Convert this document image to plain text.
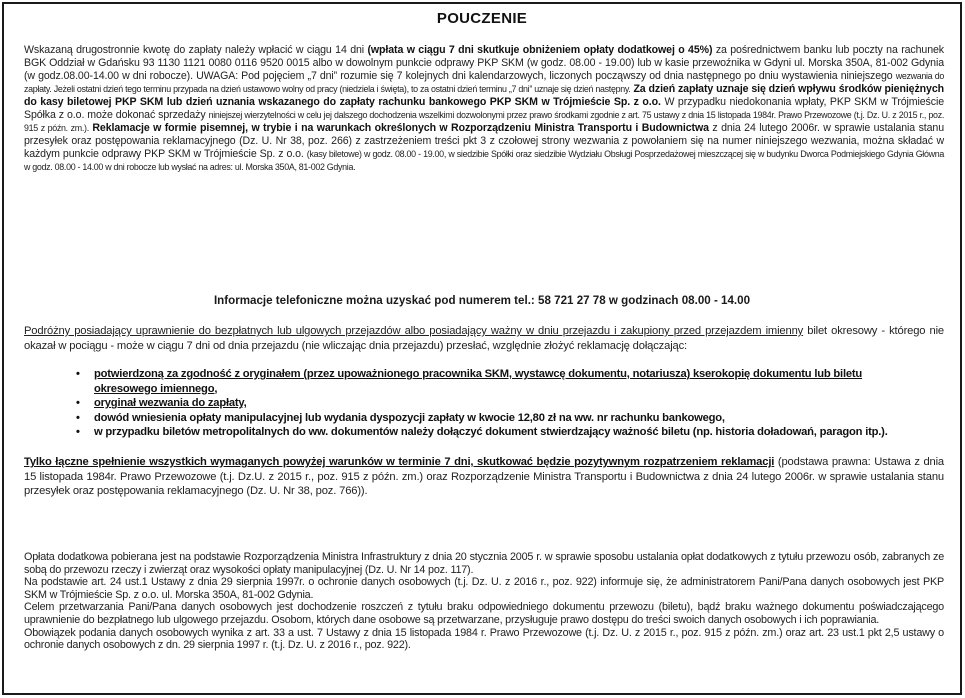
POUCZENIE
Wskazaną drugostronnie kwotę do zapłaty należy wpłacić w ciągu 14 dni (wpłata w ciągu 7 dni skutkuje obniżeniem opłaty dodatkowej o 45%) za pośrednictwem banku lub poczty na rachunek BGK Oddział w Gdańsku 93 1130 1121 0080 0116 9520 0015 albo w dowolnym punkcie odprawy PKP SKM (w godz. 08.00 - 19.00) lub w kasie przewoźnika w Gdyni ul. Morska 350A, 81-002 Gdynia (w godz.08.00-14.00 w dni robocze). UWAGA: Pod pojęciem „7 dni” rozumie się 7 kolejnych dni kalendarzowych, liczonych począwszy od dnia następnego po dniu wystawienia niniejszego wezwania do zapłaty. Jeżeli ostatni dzień tego terminu przypada na dzień ustawowo wolny od pracy (niedziela i święta), to za ostatni dzień terminu „7 dni” uznaje się dzień następny. Za dzień zapłaty uznaje się dzień wpływu środków pieniężnych do kasy biletowej PKP SKM lub dzień uznania wskazanego do zapłaty rachunku bankowego PKP SKM w Trójmieście Sp. z o.o. W przypadku niedokonania wpłaty, PKP SKM w Trójmieście Spółka z o.o. może dokonać sprzedaży niniejszej wierzytelności w celu jej dalszego dochodzenia wszelkimi dozwolonymi przez prawo środkami zgodnie z art. 75 ustawy z dnia 15 listopada 1984r. Prawo Przewozowe (t.j. Dz. U. z 2015 r., poz. 915 z późn. zm.). Reklamacje w formie pisemnej, w trybie i na warunkach określonych w Rozporządzeniu Ministra Transportu i Budownictwa z dnia 24 lutego 2006r. w sprawie ustalania stanu przesyłek oraz postępowania reklamacyjnego (Dz. U. Nr 38, poz. 266) z zastrzeżeniem treści pkt 3 z czołowej strony wezwania z powołaniem się na numer niniejszego wezwania, można składać w każdym punkcie odprawy PKP SKM w Trójmieście Sp. z o.o. (kasy biletowe) w godz. 08.00 - 19.00, w siedzibie Spółki oraz siedzibie Wydziału Obsługi Posprzedażowej mieszczącej się w budynku Dworca Podmiejskiego Gdynia Główna w godz. 08.00 - 14.00 w dni robocze lub wysłać na adres: ul. Morska 350A, 81-002 Gdynia.
Informacje telefoniczne można uzyskać pod numerem tel.: 58 721 27 78 w godzinach 08.00 - 14.00
Podróżny posiadający uprawnienie do bezpłatnych lub ulgowych przejazdów albo posiadający ważny w dniu przejazdu i zakupiony przed przejazdem imienny bilet okresowy - którego nie okazał w pociągu - może w ciągu 7 dni od dnia przejazdu (nie wliczając dnia przejazdu) przesłać, względnie złożyć reklamację dołączając:
•	potwierdzoną za zgodność z oryginałem (przez upoważnionego pracownika SKM, wystawcę dokumentu, notariusza) kserokopię dokumentu lub biletu okresowego imiennego,
•	oryginał wezwania do zapłaty,
•	dowód wniesienia opłaty manipulacyjnej lub wydania dyspozycji zapłaty w kwocie 12,80 zł na ww. nr rachunku bankowego,
•	w przypadku biletów metropolitalnych do ww. dokumentów należy dołączyć dokument stwierdzający ważność biletu (np. historia doładowań, paragon itp.).
Tylko łączne spełnienie wszystkich wymaganych powyżej warunków w terminie 7 dni, skutkować będzie pozytywnym rozpatrzeniem reklamacji (podstawa prawna: Ustawa z dnia 15 listopada 1984r. Prawo Przewozowe (t.j. Dz.U. z 2015 r., poz. 915 z późn. zm.) oraz Rozporządzenie Ministra Transportu i Budownictwa z dnia 24 lutego 2006r. w sprawie ustalania stanu przesyłek oraz postępowania reklamacyjnego (Dz. U. Nr 38, poz. 766)).

Opłata dodatkowa pobierana jest na podstawie Rozporządzenia Ministra Infrastruktury z dnia 20 stycznia 2005 r. w sprawie sposobu ustalania opłat dodatkowych z tytułu przewozu osób, zabranych ze sobą do przewozu rzeczy i zwierząt oraz wysokości opłaty manipulacyjnej (Dz. U. Nr 14 poz. 117).

Na podstawie art. 24 ust.1 Ustawy z dnia 29 sierpnia 1997r. o ochronie danych osobowych (t.j. Dz. U. z 2016 r., poz. 922) informuje się, że administratorem Pani/Pana danych osobowych jest PKP SKM w Trójmieście Sp. z o.o. ul. Morska 350A, 81-002 Gdynia.

Celem przetwarzania Pani/Pana danych osobowych jest dochodzenie roszczeń z tytułu braku odpowiedniego dokumentu przewozu (biletu), bądź braku ważnego dokumentu poświadczającego uprawnienie do bezpłatnego lub ulgowego przejazdu. Osobom, których dane osobowe są przetwarzane, przysługuje prawo dostępu do treści swoich danych osobowych i ich poprawiania.

Obowiązek podania danych osobowych wynika z art. 33 a ust. 7 Ustawy z dnia 15 listopada 1984 r. Prawo Przewozowe (t.j. Dz. U. z 2015 r., poz. 915 z późn. zm.) oraz art. 23 ust.1 pkt 2,5 ustawy o ochronie danych osobowych z dn. 29 sierpnia 1997 r. (t.j. Dz. U. z 2016 r., poz. 922).
